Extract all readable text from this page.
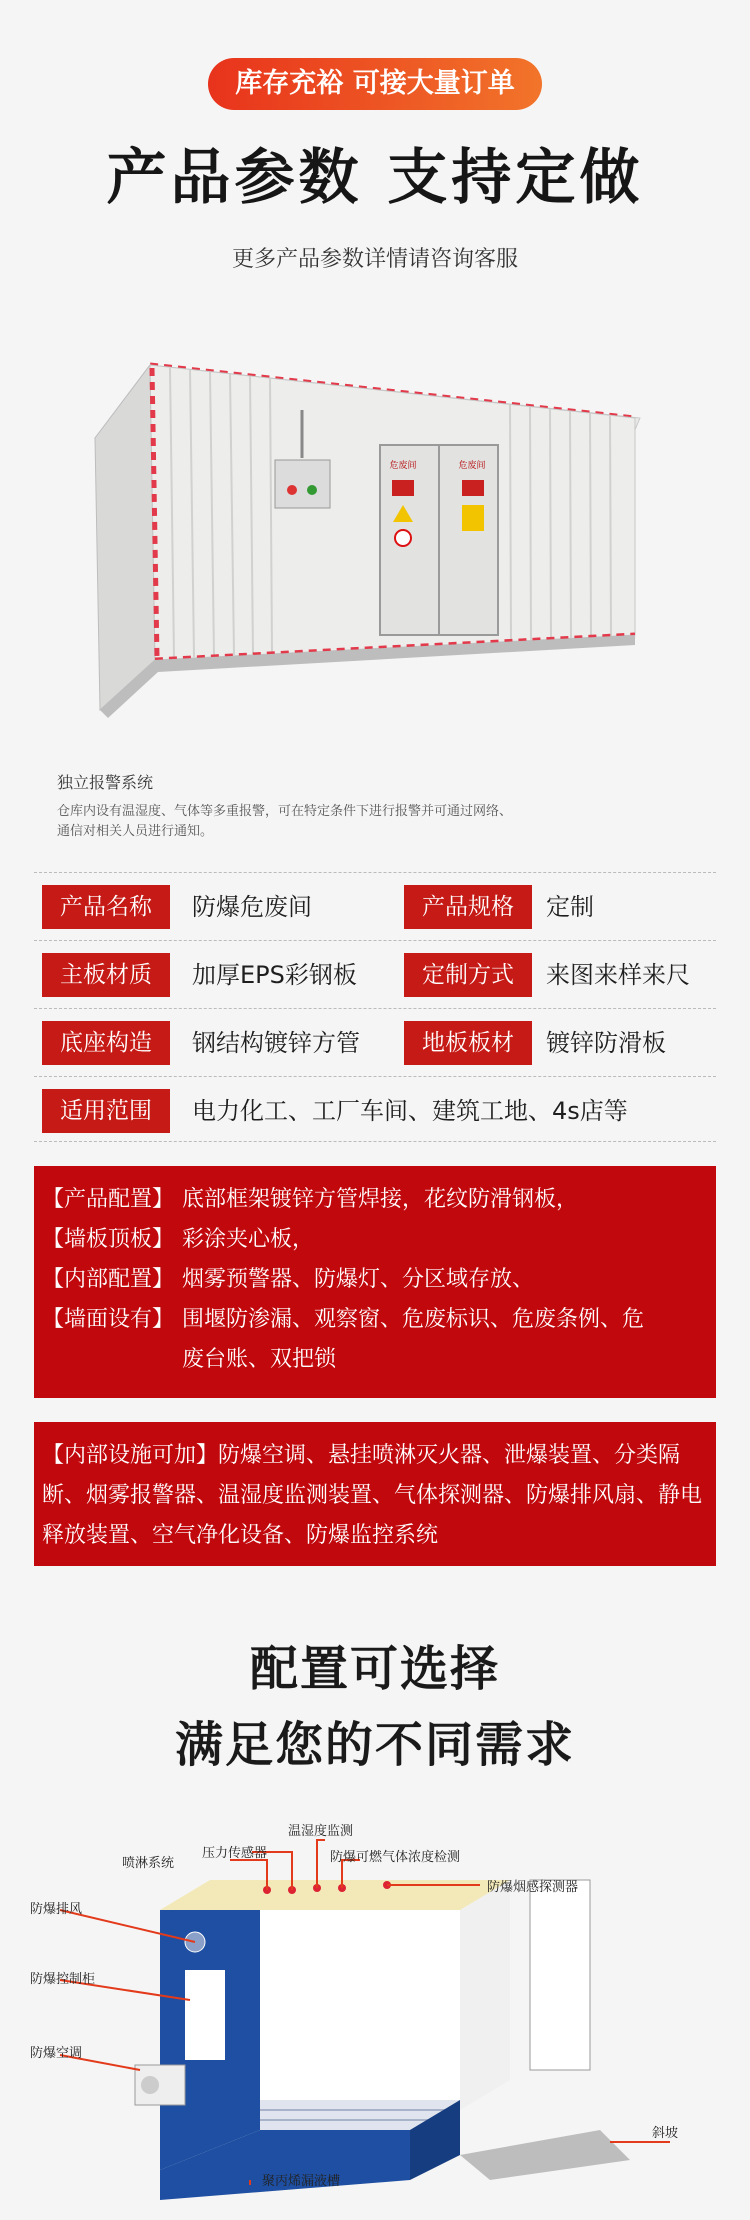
库存充裕 可接大量订单
产品参数 支持定做
更多产品参数详情请咨询客服
危废间	危废间
独立报警系统
仓库内设有温湿度、气体等多重报警，可在特定条件下进行报警并可通过网络、通信对相关人员进行通知。
产品名称	防爆危废间	产品规格	定制
主板材质	加厚EPS彩钢板	定制方式	来图来样来尺
底座构造	钢结构镀锌方管	地板板材	镀锌防滑板
适用范围	电力化工、工厂车间、建筑工地、4s店等
【产品配置】 底部框架镀锌方管焊接，花纹防滑钢板，
【墙板顶板】 彩涂夹心板，
【内部配置】 烟雾预警器、防爆灯、分区域存放、
【墙面设有】 围堰防渗漏、观察窗、危废标识、危废条例、危
废台账、双把锁
【内部设施可加】防爆空调、悬挂喷淋灭火器、泄爆装置、分类隔断、烟雾报警器、温湿度监测装置、气体探测器、防爆排风扇、静电释放装置、空气净化设备、防爆监控系统
配置可选择
满足您的不同需求
温湿度监测
压力传感器	防爆可燃气体浓度检测
喷淋系统
防爆烟感探测器
防爆排风
防爆控制柜
防爆空调
斜坡
聚丙烯漏液槽
